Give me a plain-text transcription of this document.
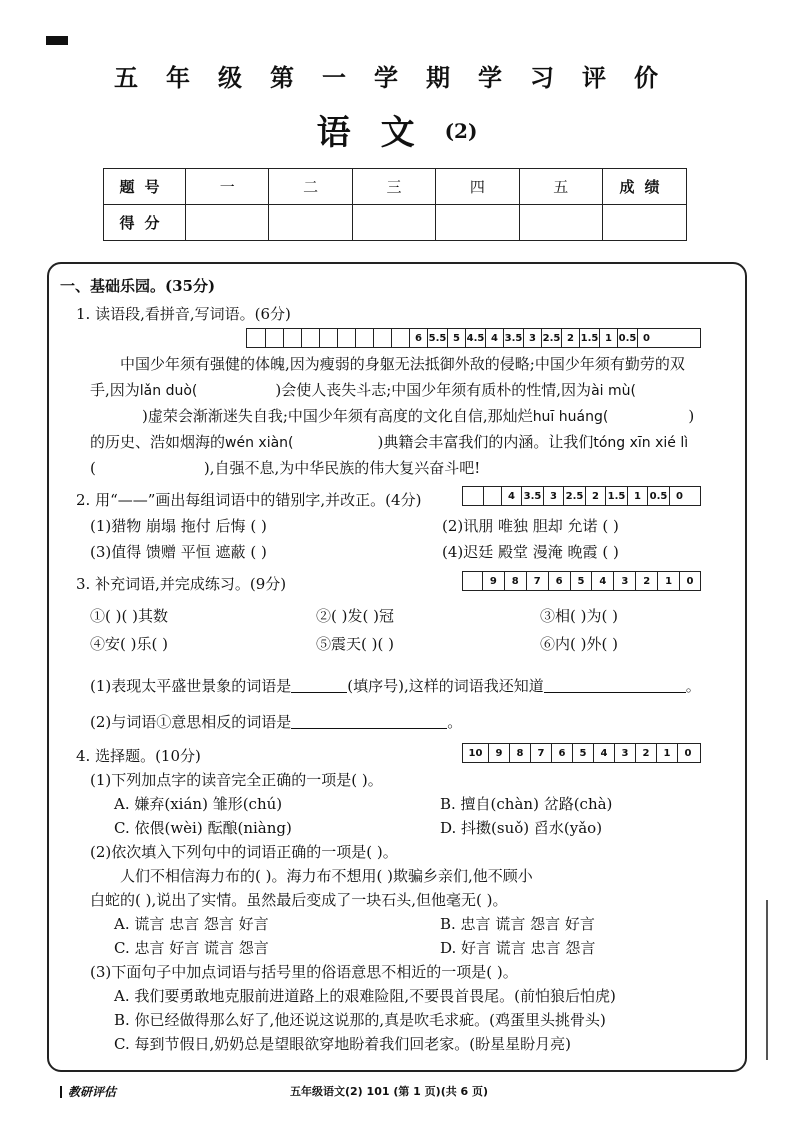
五年级第一学期学习评价
语文(2)
题号	一	二	三	四	五	成绩
得分						
一、基础乐园。(35分)
1. 读语段,看拼音,写词语。(6分)
6 5.5 5 4.5 4 3.5 3 2.5 2 1.5 1 0.5 0
中国少年须有强健的体魄,因为瘦弱的身躯无法抵御外敌的侵略;中国少年须有勤劳的双
手,因为lǎn duò(	)会使人丧失斗志;中国少年须有质朴的性情,因为ài mù(
)虚荣会渐渐迷失自我;中国少年须有高度的文化自信,那灿烂huī huáng(	)
的历史、浩如烟海的wén xiàn(	)典籍会丰富我们的内涵。让我们tóng xīn xié lì
(	),自强不息,为中华民族的伟大复兴奋斗吧!
2. 用“——”画出每组词语中的错别字,并改正。(4分)	4 3.5 3 2.5 2 1.5 1 0.5 0
(1)猎物 崩塌 拖付 后悔 ( )	(2)讯朋 唯独 胆却 允诺 ( )
(3)值得 馈赠 平恒 遮蔽 ( )	(4)迟廷 殿堂 漫淹 晚霞 ( )
3. 补充词语,并完成练习。(9分)	9	8	7	6	5	4	3	2	1	0
①( )( )其数	②( )发( )冠	③相( )为( )
④安( )乐( )	⑤震天( )( )	⑥内( )外( )
(1)表现太平盛世景象的词语是	(填序号),这样的词语我还知道	。
(2)与词语①意思相反的词语是	。
4. 选择题。(10分)	10	9	8	7	6	5	4	3	2	1	0
(1)下列加点字的读音完全正确的一项是( )。
A. 嫌弃(xián) 雏形(chú)	B. 擅自(chàn) 岔路(chà)
C. 依偎(wèi) 酝酿(niàng)	D. 抖擞(suǒ) 舀水(yǎo)
(2)依次填入下列句中的词语正确的一项是( )。
人们不相信海力布的( )。海力布不想用( )欺骗乡亲们,他不顾小
白蛇的( ),说出了实情。虽然最后变成了一块石头,但他毫无( )。
A. 谎言 忠言 怨言 好言	B. 忠言 谎言 怨言 好言
C. 忠言 好言 谎言 怨言	D. 好言 谎言 忠言 怨言
(3)下面句子中加点词语与括号里的俗语意思不相近的一项是( )。
A. 我们要勇敢地克服前进道路上的艰难险阻,不要畏首畏尾。(前怕狼后怕虎)
B. 你已经做得那么好了,他还说这说那的,真是吹毛求疵。(鸡蛋里头挑骨头)
C. 每到节假日,奶奶总是望眼欲穿地盼着我们回老家。(盼星星盼月亮)
教研评估	五年级语文(2) 101 (第 1 页)(共 6 页)
